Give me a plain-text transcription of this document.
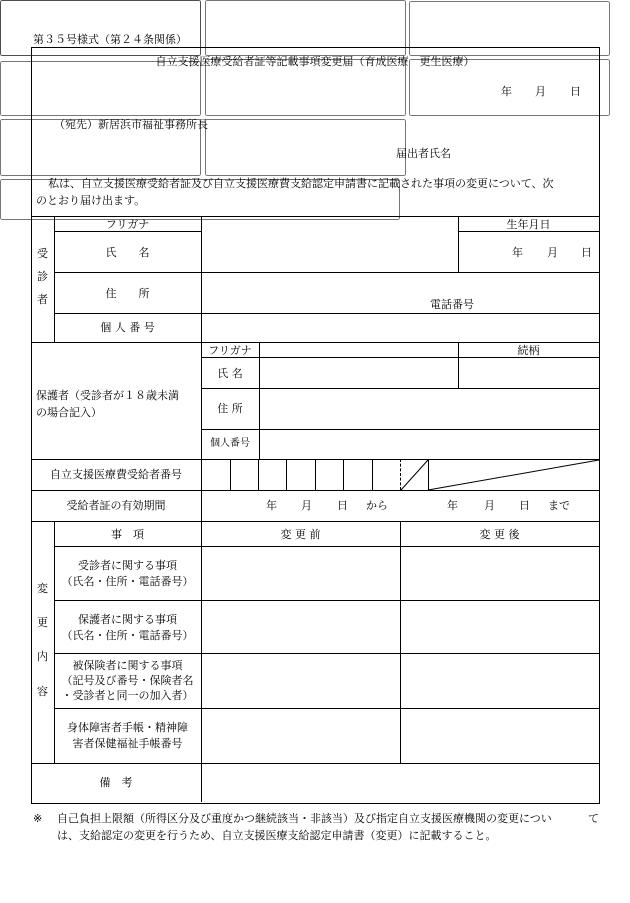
第３５号様式（第２４条関係）
自立支援医療受給者証等記載事項変更届（育成医療　更生医療）
年 月 日
（宛先）新居浜市福祉事務所長
届出者氏名
私は、自立支援医療受給者証及び自立支援医療費支給認定申請書に記載された事項の変更について、次
のとおり届け出ます。
受
診
者
フリガナ	生年月日
氏　　名	年 月 日
住　　所
電話番号
個 人 番 号
保護者（受診者が１８歳未満
の場合記入）
フリガナ	続柄
氏 名
住 所
個人番号
自立支援医療費受給者番号
受給者証の有効期間	年 月 日 から	年 月 日 まで
変
更
内
容
事　項	変 更 前	変 更 後
受診者に関する事項
（氏名・住所・電話番号）

保護者に関する事項
（氏名・住所・電話番号）

被保険者に関する事項
（記号及び番号・保険者名
・受診者と同一の加入者）

身体障害者手帳・精神障
害者保健福祉手帳番号

備　考
※ 自己負担上限額（所得区分及び重度かつ継続該当・非該当）及び指定自立支援医療機関の変更につい	て
は、支給認定の変更を行うため、自立支援医療支給認定申請書（変更）に記載すること。
